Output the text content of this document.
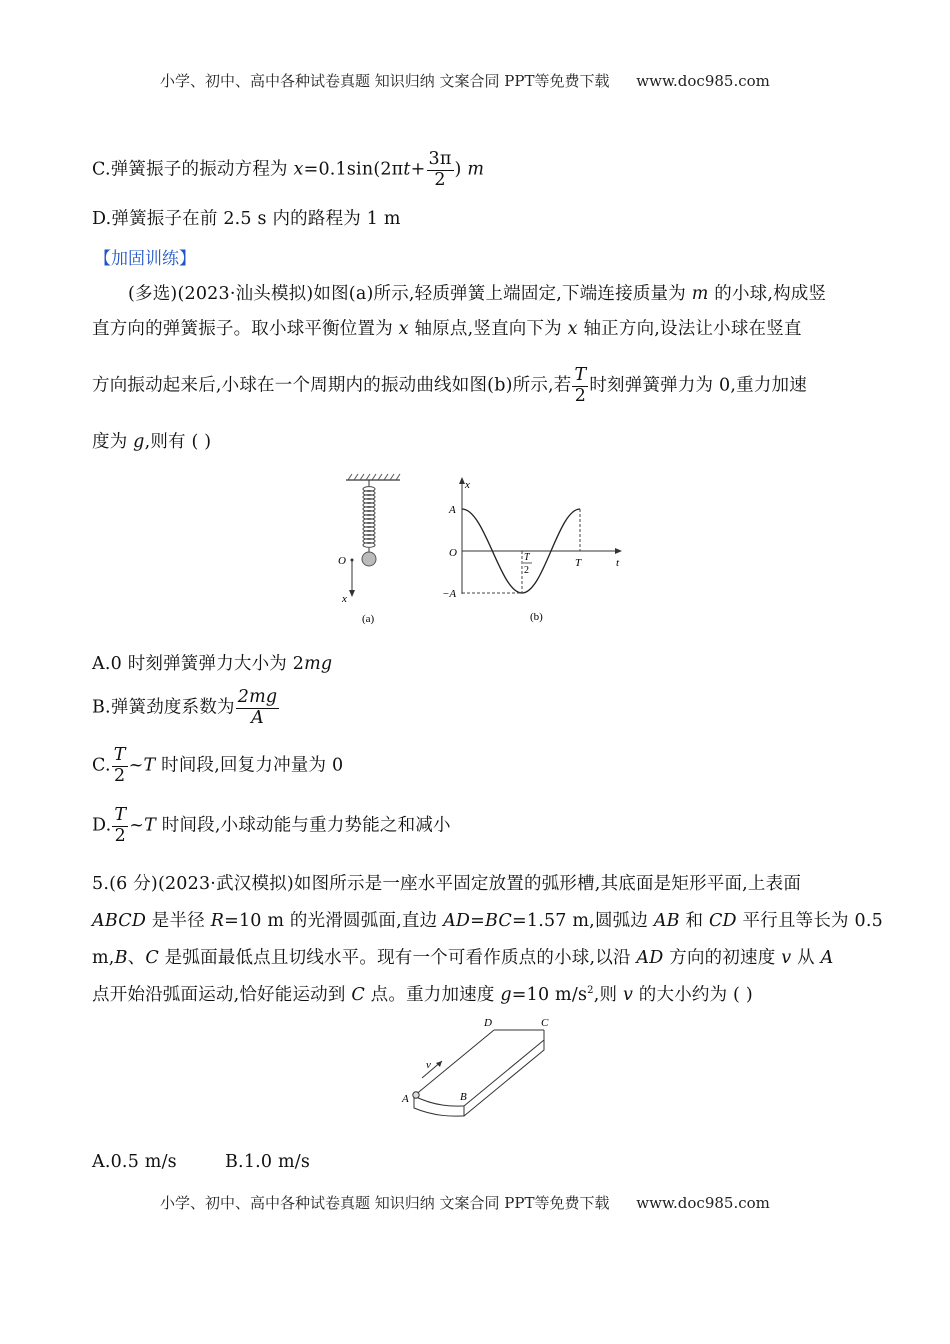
小学、初中、高中各种试卷真题 知识归纳 文案合同 PPT等免费下载 www.doc985.com
C.弹簧振子的振动方程为 $x=0.1\sin(2\pi t+ \frac{3\pi}{2}$ ) m
D.弹簧振子在前 2.5 s 内的路程为 1 m
【加固训练】
(多选)(2023·汕头模拟)如图(a)所示,轻质弹簧上端固定,下端连接质量为 m 的小球,构成竖
直方向的弹簧振子。取小球平衡位置为 x 轴原点,竖直向下为 x 轴正方向,设法让小球在竖直
方向振动起来后,小球在一个周期内的振动曲线如图(b)所示,若 $\frac{T}{2}$ 时刻弹簧弹力为 0,重力加速
度为 g,则有 ( )
O
x
(a)
x
A
O
−A
T
2
T	t
(b)
A.0 时刻弹簧弹力大小为 2mg
B.弹簧劲度系数为 $\frac{2mg}{A}$
C. $\frac{T}{2}$ ~T 时间段,回复力冲量为 0
D. $\frac{T}{2}$ ~T 时间段,小球动能与重力势能之和减小
5.(6 分)(2023·武汉模拟)如图所示是一座水平固定放置的弧形槽,其底面是矩形平面,上表面
ABCD 是半径 R=10 m 的光滑圆弧面,直边 AD=BC=1.57 m,圆弧边 AB 和 CD 平行且等长为 0.5
m,B、C 是弧面最低点且切线水平。现有一个可看作质点的小球,以沿 AD 方向的初速度 v 从 A
点开始沿弧面运动,恰好能运动到 C 点。重力加速度 g=10 $m/s^2$,则 v 的大小约为 ( )
D	C
v
A	B
A.0.5 m/s	B.1.0 m/s
小学、初中、高中各种试卷真题 知识归纳 文案合同 PPT等免费下载 www.doc985.com
